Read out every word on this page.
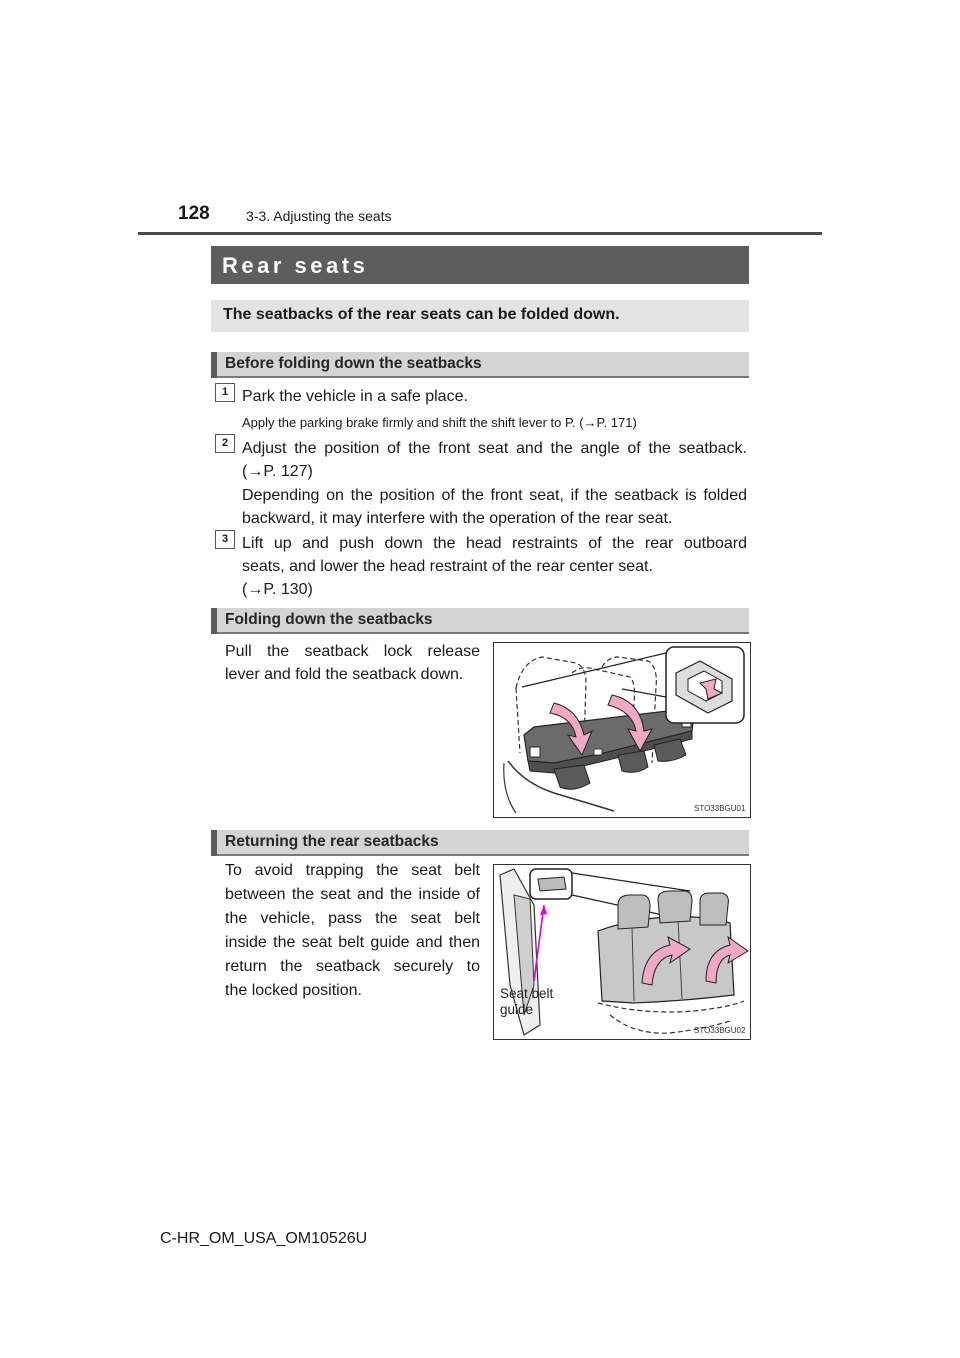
128	3-3. Adjusting the seats
Rear seats
The seatbacks of the rear seats can be folded down.
Before folding down the seatbacks
1 Park the vehicle in a safe place.
Apply the parking brake firmly and shift the shift lever to P. (→P. 171)
2 Adjust the position of the front seat and the angle of the seatback.
(→P. 127)
Depending on the position of the front seat, if the seatback is folded
backward, it may interfere with the operation of the rear seat.
3 Lift up and push down the head restraints of the rear outboard
seats, and lower the head restraint of the rear center seat.
(→P. 130)
Folding down the seatbacks
Pull the seatback lock release
lever and fold the seatback down.
STO33BGU01
Returning the rear seatbacks
To avoid trapping the seat belt
between the seat and the inside of
the vehicle, pass the seat belt
inside the seat belt guide and then
return the seatback securely to
the locked position.	Seat belt
guide
STO33BGU02
C-HR_OM_USA_OM10526U
